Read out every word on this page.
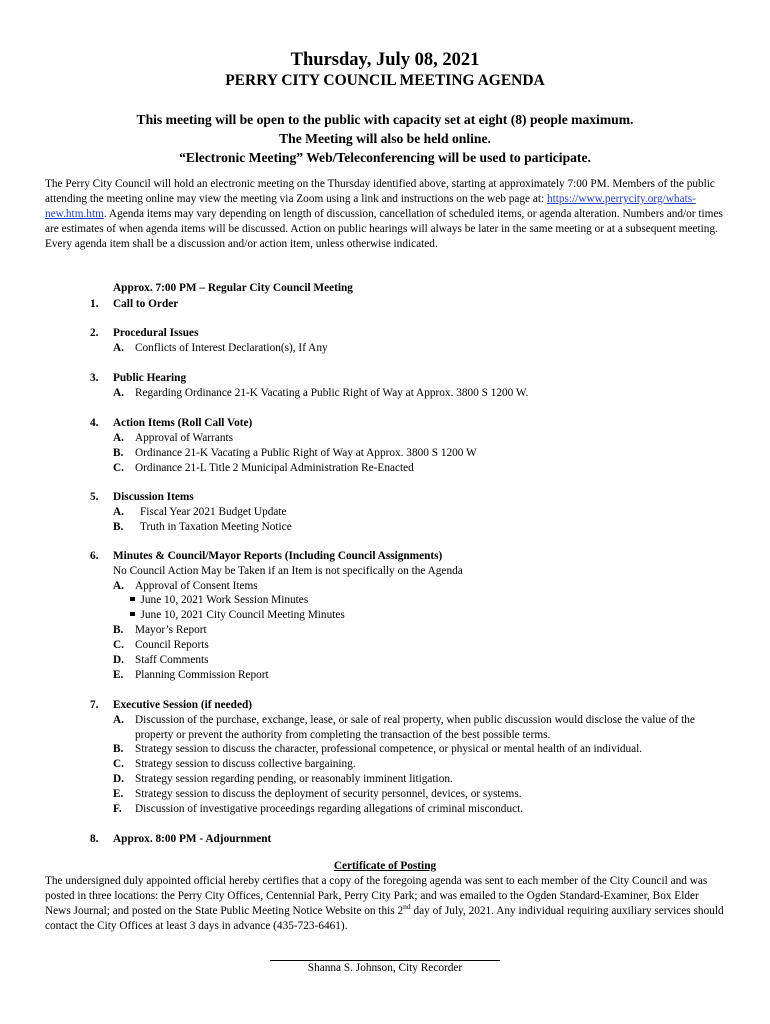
Thursday, July 08, 2021
PERRY CITY COUNCIL MEETING AGENDA
This meeting will be open to the public with capacity set at eight (8) people maximum.
The Meeting will also be held online.
“Electronic Meeting” Web/Teleconferencing will be used to participate.
The Perry City Council will hold an electronic meeting on the Thursday identified above, starting at approximately 7:00 PM. Members of the public attending the meeting online may view the meeting via Zoom using a link and instructions on the web page at: https://www.perrycity.org/whats-new.htm.htm. Agenda items may vary depending on length of discussion, cancellation of scheduled items, or agenda alteration. Numbers and/or times are estimates of when agenda items will be discussed. Action on public hearings will always be later in the same meeting or at a subsequent meeting. Every agenda item shall be a discussion and/or action item, unless otherwise indicated.
Approx. 7:00 PM – Regular City Council Meeting
1.	Call to Order
2.	Procedural Issues
A. Conflicts of Interest Declaration(s), If Any
3.	Public Hearing
A. Regarding Ordinance 21-K Vacating a Public Right of Way at Approx. 3800 S 1200 W.
4.	Action Items (Roll Call Vote)
A. Approval of Warrants
B. Ordinance 21-K Vacating a Public Right of Way at Approx. 3800 S 1200 W
C. Ordinance 21-L Title 2 Municipal Administration Re-Enacted
5.	Discussion Items
A. Fiscal Year 2021 Budget Update
B. Truth in Taxation Meeting Notice
6.	Minutes & Council/Mayor Reports (Including Council Assignments)
No Council Action May be Taken if an Item is not specifically on the Agenda
A. Approval of Consent Items
June 10, 2021 Work Session Minutes
June 10, 2021 City Council Meeting Minutes
B. Mayor’s Report
C. Council Reports
D. Staff Comments
E. Planning Commission Report
7.	Executive Session (if needed)
A. Discussion of the purchase, exchange, lease, or sale of real property, when public discussion would disclose the value of the property or prevent the authority from completing the transaction of the best possible terms.
B. Strategy session to discuss the character, professional competence, or physical or mental health of an individual.
C. Strategy session to discuss collective bargaining.
D. Strategy session regarding pending, or reasonably imminent litigation.
E. Strategy session to discuss the deployment of security personnel, devices, or systems.
F. Discussion of investigative proceedings regarding allegations of criminal misconduct.
8.	Approx. 8:00 PM - Adjournment
Certificate of Posting
The undersigned duly appointed official hereby certifies that a copy of the foregoing agenda was sent to each member of the City Council and was posted in three locations: the Perry City Offices, Centennial Park, Perry City Park; and was emailed to the Ogden Standard-Examiner, Box Elder News Journal; and posted on the State Public Meeting Notice Website on this 2nd day of July, 2021. Any individual requiring auxiliary services should contact the City Offices at least 3 days in advance (435-723-6461).
Shanna S. Johnson, City Recorder
